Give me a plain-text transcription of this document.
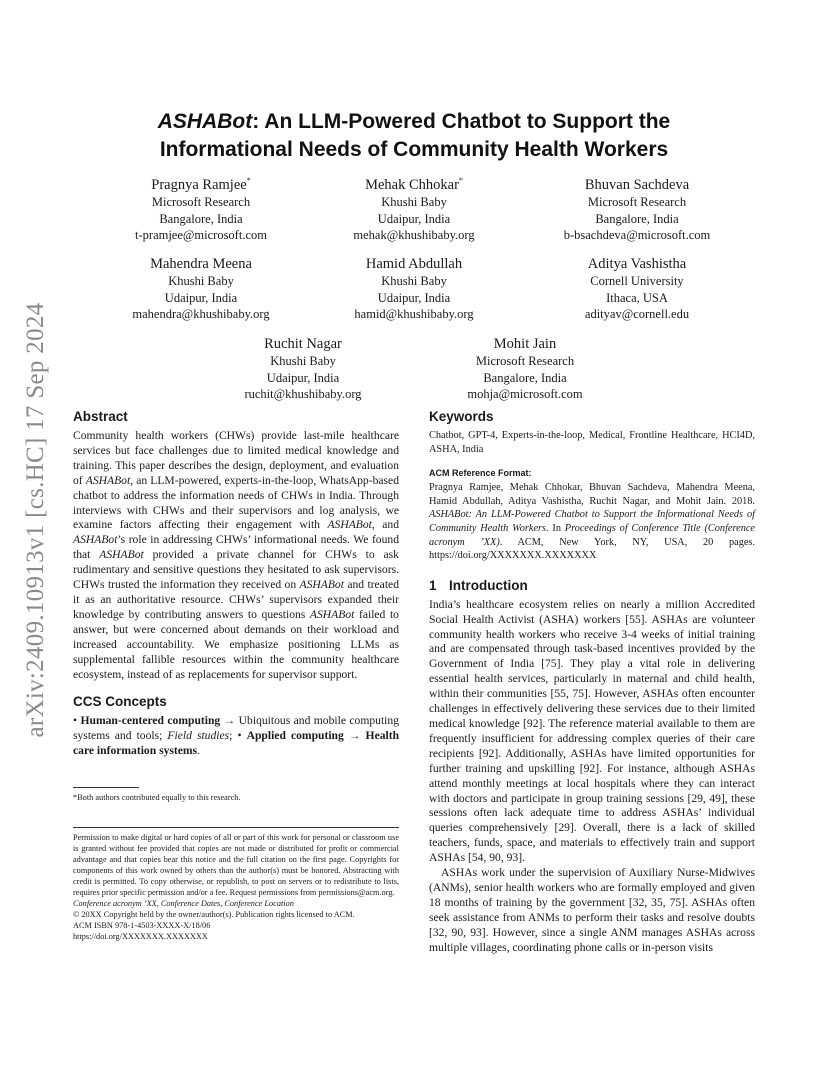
arXiv:2409.10913v1 [cs.HC] 17 Sep 2024
ASHABot: An LLM-Powered Chatbot to Support the
Informational Needs of Community Health Workers
Pragnya Ramjee*
Microsoft Research
Bangalore, India
t-pramjee@microsoft.com
Mehak Chhokar*
Khushi Baby
Udaipur, India
mehak@khushibaby.org
Bhuvan Sachdeva
Microsoft Research
Bangalore, India
b-bsachdeva@microsoft.com
Mahendra Meena
Khushi Baby
Udaipur, India
mahendra@khushibaby.org
Hamid Abdullah
Khushi Baby
Udaipur, India
hamid@khushibaby.org
Aditya Vashistha
Cornell University
Ithaca, USA
adityav@cornell.edu
Ruchit Nagar
Khushi Baby
Udaipur, India
ruchit@khushibaby.org
Mohit Jain
Microsoft Research
Bangalore, India
mohja@microsoft.com
Abstract

Community health workers (CHWs) provide last-mile healthcare services but face challenges due to limited medical knowledge and training. This paper describes the design, deployment, and evaluation of ASHABot, an LLM-powered, experts-in-the-loop, WhatsApp-based chatbot to address the information needs of CHWs in India. Through interviews with CHWs and their supervisors and log analysis, we examine factors affecting their engagement with ASHABot, and ASHABot’s role in addressing CHWs’ informational needs. We found that ASHABot provided a private channel for CHWs to ask rudimentary and sensitive questions they hesitated to ask supervisors. CHWs trusted the information they received on ASHABot and treated it as an authoritative resource. CHWs’ supervisors expanded their knowledge by contributing answers to questions ASHABot failed to answer, but were concerned about demands on their workload and increased accountability. We emphasize positioning LLMs as supplemental fallible resources within the community healthcare ecosystem, instead of as replacements for supervisor support.

CCS Concepts

• Human-centered computing → Ubiquitous and mobile computing systems and tools; Field studies; • Applied computing → Health care information systems.

*Both authors contributed equally to this research.
Permission to make digital or hard copies of all or part of this work for personal or classroom use is granted without fee provided that copies are not made or distributed for profit or commercial advantage and that copies bear this notice and the full citation on the first page. Copyrights for components of this work owned by others than the author(s) must be honored. Abstracting with credit is permitted. To copy otherwise, or republish, to post on servers or to redistribute to lists, requires prior specific permission and/or a fee. Request permissions from permissions@acm.org.
Conference acronym ’XX, Conference Dates, Conference Location
© 20XX Copyright held by the owner/author(s). Publication rights licensed to ACM.
ACM ISBN 978-1-4503-XXXX-X/18/06
https://doi.org/XXXXXXX.XXXXXXX
Keywords

Chatbot, GPT-4, Experts-in-the-loop, Medical, Frontline Healthcare, HCI4D, ASHA, India

ACM Reference Format:

Pragnya Ramjee, Mehak Chhokar, Bhuvan Sachdeva, Mahendra Meena, Hamid Abdullah, Aditya Vashistha, Ruchit Nagar, and Mohit Jain. 2018. ASHABot: An LLM-Powered Chatbot to Support the Informational Needs of Community Health Workers. In Proceedings of Conference Title (Conference acronym ’XX). ACM, New York, NY, USA, 20 pages. https://doi.org/XXXXXXX.XXXXXXX

1 Introduction

India’s healthcare ecosystem relies on nearly a million Accredited Social Health Activist (ASHA) workers [55]. ASHAs are volunteer community health workers who receive 3-4 weeks of initial training and are compensated through task-based incentives provided by the Government of India [75]. They play a vital role in delivering essential health services, particularly in maternal and child health, within their communities [55, 75]. However, ASHAs often encounter challenges in effectively delivering these services due to their limited medical knowledge [92]. The reference material available to them are frequently insufficient for addressing complex queries of their care recipients [92]. Additionally, ASHAs have limited opportunities for further training and upskilling [92]. For instance, although ASHAs attend monthly meetings at local hospitals where they can interact with doctors and participate in group training sessions [29, 49], these sessions often lack adequate time to address ASHAs’ individual queries comprehensively [29]. Overall, there is a lack of skilled teachers, funds, space, and materials to effectively train and support ASHAs [54, 90, 93].

ASHAs work under the supervision of Auxiliary Nurse-Midwives (ANMs), senior health workers who are formally employed and given 18 months of training by the government [32, 35, 75]. ASHAs often seek assistance from ANMs to perform their tasks and resolve doubts [32, 90, 93]. However, since a single ANM manages ASHAs across multiple villages, coordinating phone calls or in-person visits
